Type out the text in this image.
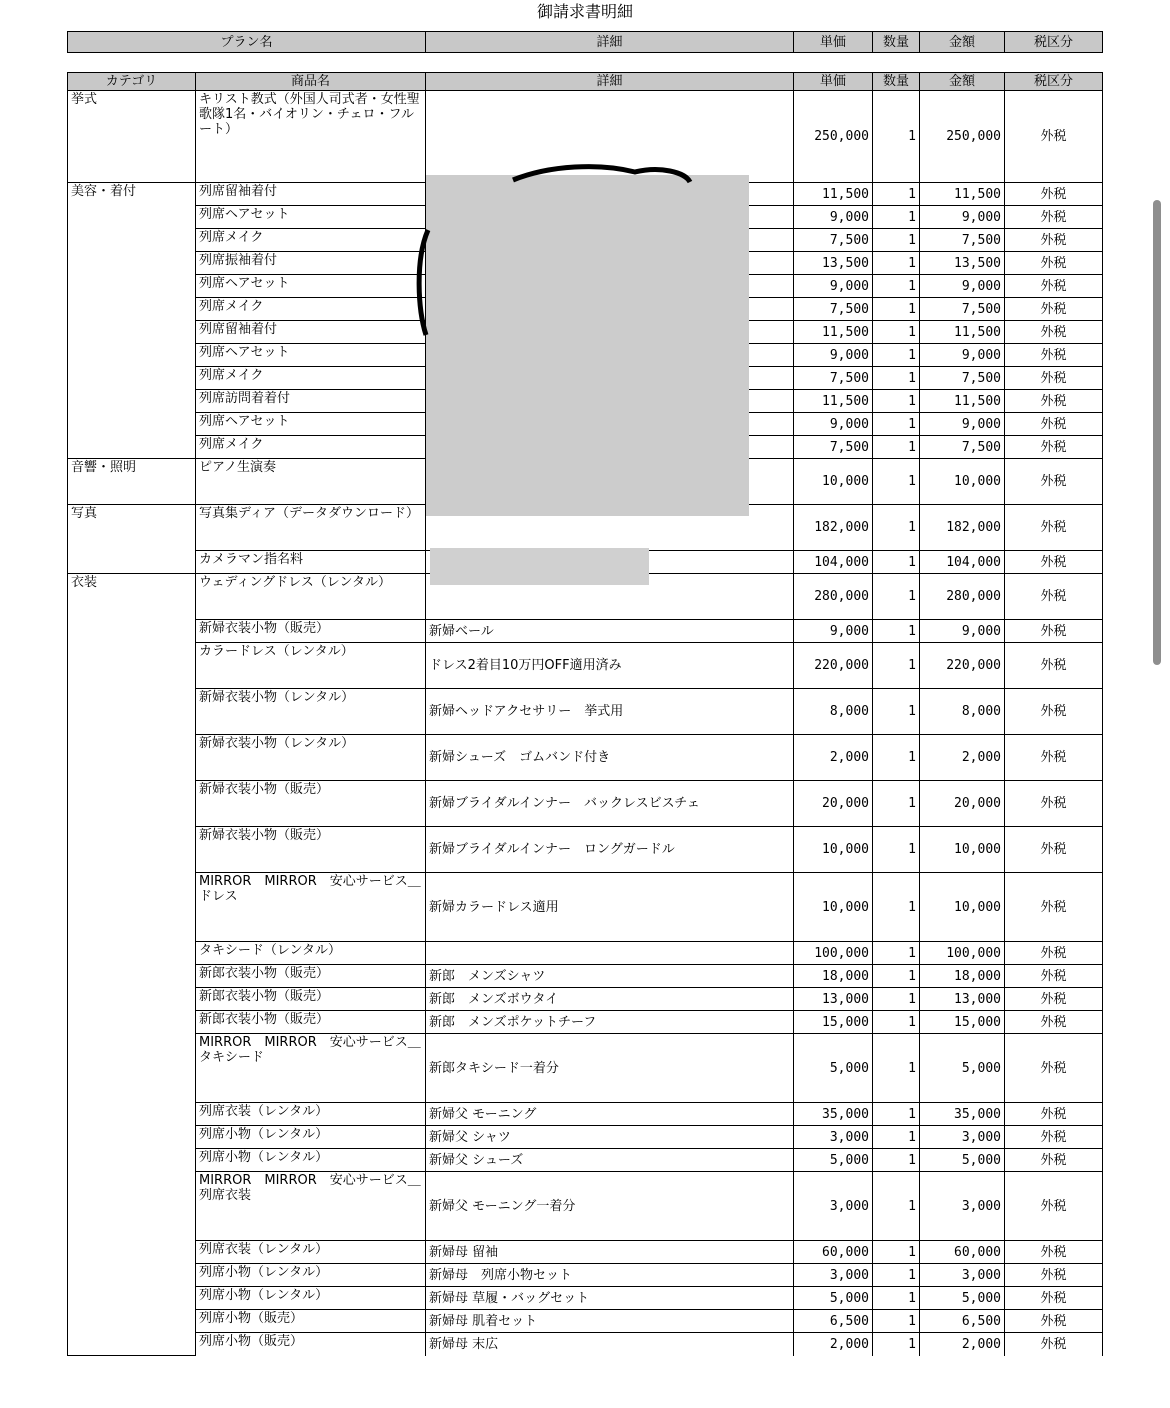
御請求書明細
プラン名	詳細	単価	数量	金額	税区分
カテゴリ	商品名	詳細	単価	数量	金額	税区分
挙式	キリスト教式（外国人司式者・女性聖歌隊1名・バイオリン・チェロ・フルート）		250,000	1	250,000	外税
美容・着付	列席留袖着付		11,500	1	11,500	外税
	列席ヘアセット		9,000	1	9,000	外税
	列席メイク		7,500	1	7,500	外税
	列席振袖着付		13,500	1	13,500	外税
	列席ヘアセット		9,000	1	9,000	外税
	列席メイク		7,500	1	7,500	外税
	列席留袖着付		11,500	1	11,500	外税
	列席ヘアセット		9,000	1	9,000	外税
	列席メイク		7,500	1	7,500	外税
	列席訪問着着付		11,500	1	11,500	外税
	列席ヘアセット		9,000	1	9,000	外税
	列席メイク		7,500	1	7,500	外税
音響・照明	ピアノ生演奏		10,000	1	10,000	外税
写真	写真集ディア（データダウンロード）		182,000	1	182,000	外税
	カメラマン指名料		104,000	1	104,000	外税
衣装	ウェディングドレス（レンタル）		280,000	1	280,000	外税
	新婦衣装小物（販売）	新婦ベール	9,000	1	9,000	外税
	カラードレス（レンタル）	ドレス2着目10万円OFF適用済み	220,000	1	220,000	外税
	新婦衣装小物（レンタル）	新婦ヘッドアクセサリー　挙式用	8,000	1	8,000	外税
	新婦衣装小物（レンタル）	新婦シューズ　ゴムバンド付き	2,000	1	2,000	外税
	新婦衣装小物（販売）	新婦ブライダルインナー　バックレスビスチェ	20,000	1	20,000	外税
	新婦衣装小物（販売）	新婦ブライダルインナー　ロングガードル	10,000	1	10,000	外税
	MIRROR　MIRROR　安心サービス＿ドレス	新婦カラードレス適用	10,000	1	10,000	外税
	タキシード（レンタル）		100,000	1	100,000	外税
	新郎衣装小物（販売）	新郎　メンズシャツ	18,000	1	18,000	外税
	新郎衣装小物（販売）	新郎　メンズボウタイ	13,000	1	13,000	外税
	新郎衣装小物（販売）	新郎　メンズポケットチーフ	15,000	1	15,000	外税
	MIRROR　MIRROR　安心サービス＿タキシード	新郎タキシード一着分	5,000	1	5,000	外税
	列席衣装（レンタル）	新婦父 モーニング	35,000	1	35,000	外税
	列席小物（レンタル）	新婦父 シャツ	3,000	1	3,000	外税
	列席小物（レンタル）	新婦父 シューズ	5,000	1	5,000	外税
	MIRROR　MIRROR　安心サービス＿列席衣装	新婦父 モーニング一着分	3,000	1	3,000	外税
	列席衣装（レンタル）	新婦母 留袖	60,000	1	60,000	外税
	列席小物（レンタル）	新婦母　列席小物セット	3,000	1	3,000	外税
	列席小物（レンタル）	新婦母 草履・バッグセット	5,000	1	5,000	外税
	列席小物（販売）	新婦母 肌着セット	6,500	1	6,500	外税
	列席小物（販売）	新婦母 末広	2,000	1	2,000	外税
